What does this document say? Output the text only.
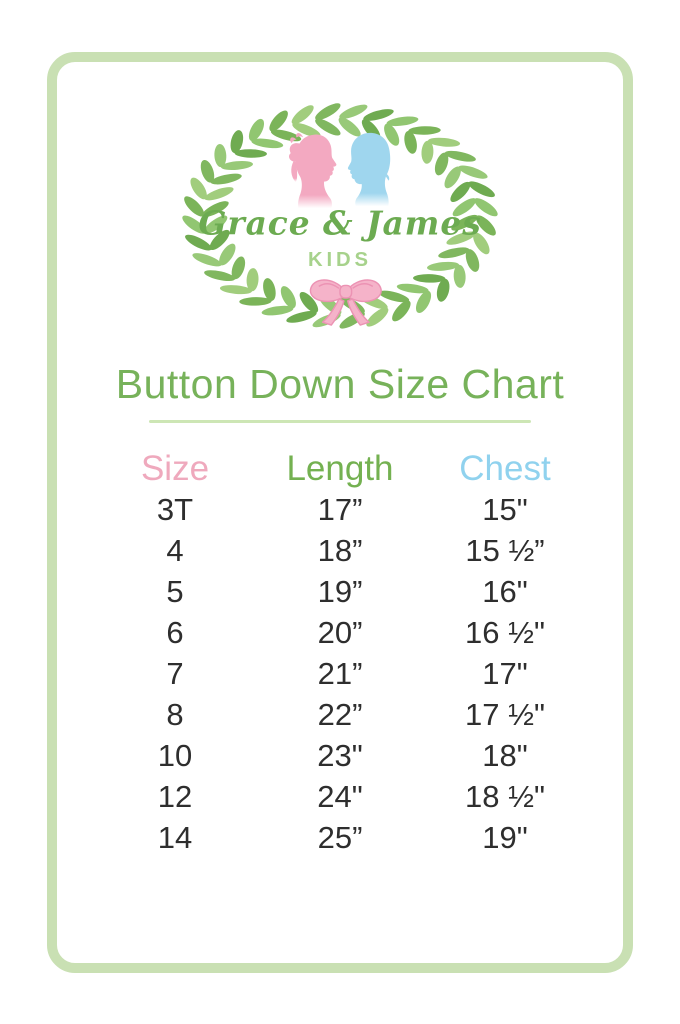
Grace & James
KIDS
Button Down Size Chart
Size	Length	Chest
3T	17”	15"
4	18”	15 ½”
5	19”	16"
6	20”	16 ½"
7	21”	17"
8	22”	17 ½"
10	23"	18"
12	24"	18 ½"
14	25”	19"
